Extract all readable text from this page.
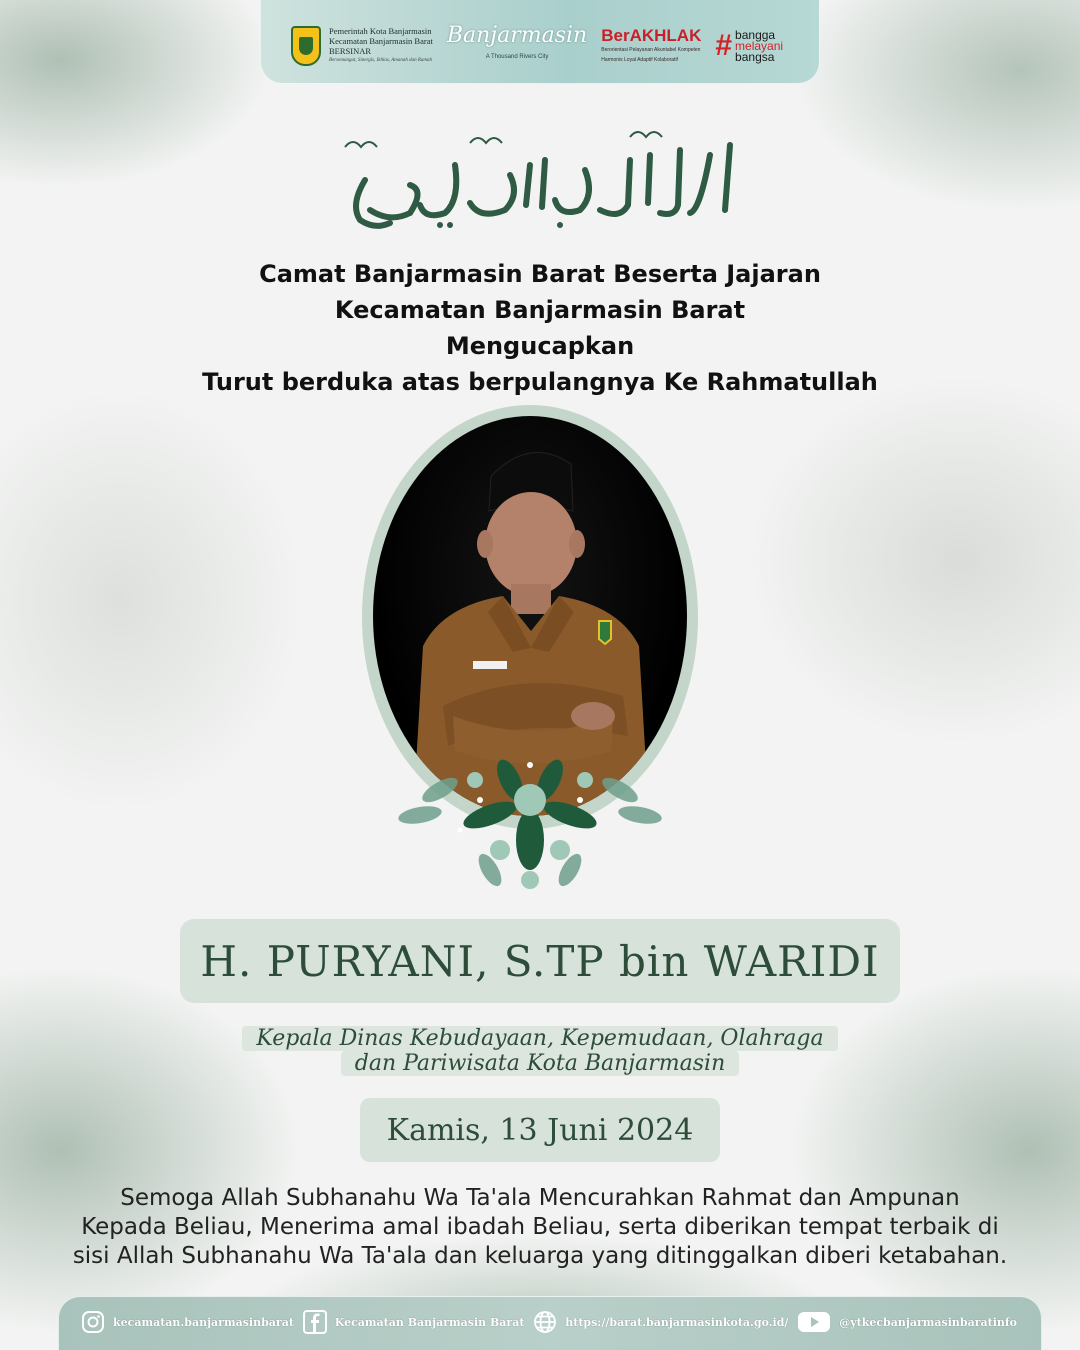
Pemerintah Kota Banjarmasin
Kecamatan Banjarmasin Barat
BERSINAR
Bersemangat, Sinergis, Ikhlas, Amanah dan Ramah
Banjarmasin
A Thousand Rivers City
BerAKHLAK
Berorientasi Pelayanan Akuntabel Kompeten
Harmonis Loyal Adaptif Kolaboratif	# bangga
melayani
bangsa
Camat Banjarmasin Barat Beserta Jajaran
Kecamatan Banjarmasin Barat
Mengucapkan
Turut berduka atas berpulangnya Ke Rahmatullah
H. PURYANI, S.TP bin WARIDI
Kepala Dinas Kebudayaan, Kepemudaan, Olahraga
dan Pariwisata Kota Banjarmasin
Kamis, 13 Juni 2024
Semoga Allah Subhanahu Wa Ta'ala Mencurahkan Rahmat dan Ampunan
Kepada Beliau, Menerima amal ibadah Beliau, serta diberikan tempat terbaik di
sisi Allah Subhanahu Wa Ta'ala dan keluarga yang ditinggalkan diberi ketabahan.
kecamatan.banjarmasinbarat	Kecamatan Banjarmasin Barat	https://barat.banjarmasinkota.go.id/	@ytkecbanjarmasinbaratinfo
